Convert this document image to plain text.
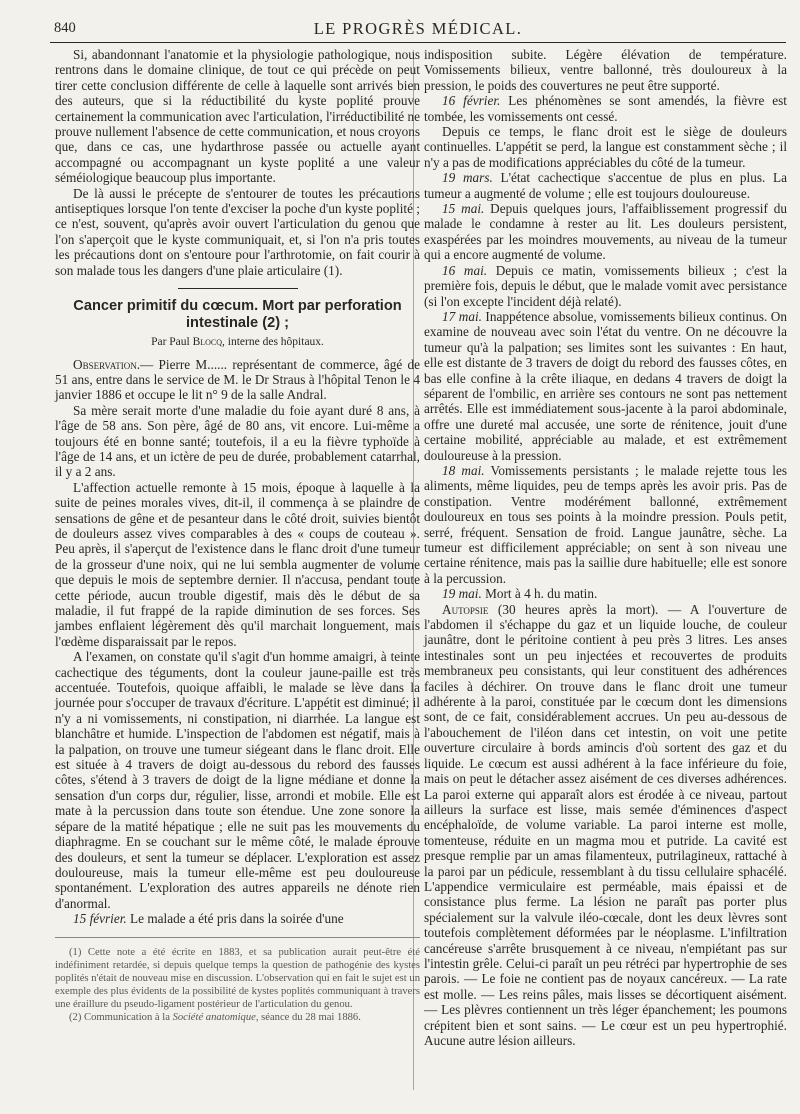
840	LE PROGRÈS MÉDICAL.

Si, abandonnant l'anatomie et la physiologie pathologique, nous rentrons dans le domaine clinique, de tout ce qui précède on peut tirer cette conclusion différente de celle à laquelle sont arrivés bien des auteurs, que si la réductibilité du kyste poplité prouve certainement la communication avec l'articulation, l'irréductibilité ne prouve nullement l'absence de cette communication, et nous croyons que, dans ce cas, une hydarthrose passée ou actuelle ayant accompagné ou accompagnant un kyste poplité a une valeur séméiologique beaucoup plus importante.

De là aussi le précepte de s'entourer de toutes les précautions antiseptiques lorsque l'on tente d'exciser la poche d'un kyste poplité ; ce n'est, souvent, qu'après avoir ouvert l'articulation du genou que l'on s'aperçoit que le kyste communiquait, et, si l'on n'a pris toutes les précautions dont on s'entoure pour l'arthrotomie, on fait courir à son malade tous les dangers d'une plaie articulaire (1).

Cancer primitif du cœcum. Mort par perforation intestinale (2) ;
Par Paul Blocq, interne des hôpitaux.

Observation.— Pierre M...... représentant de commerce, âgé de 51 ans, entre dans le service de M. le Dr Straus à l'hôpital Tenon le 4 janvier 1886 et occupe le lit n° 9 de la salle Andral.

Sa mère serait morte d'une maladie du foie ayant duré 8 ans, à l'âge de 58 ans. Son père, âgé de 80 ans, vit encore. Lui-même a toujours été en bonne santé; toutefois, il a eu la fièvre typhoïde à l'âge de 14 ans, et un ictère de peu de durée, probablement catarrhal, il y a 2 ans.

L'affection actuelle remonte à 15 mois, époque à laquelle à la suite de peines morales vives, dit-il, il commença à se plaindre de sensations de gêne et de pesanteur dans le côté droit, suivies bientôt de douleurs assez vives comparables à des « coups de couteau ». Peu après, il s'aperçut de l'existence dans le flanc droit d'une tumeur de la grosseur d'une noix, qui ne lui sembla augmenter de volume que depuis le mois de septembre dernier. Il n'accusa, pendant toute cette période, aucun trouble digestif, mais dès le début de sa maladie, il fut frappé de la rapide diminution de ses forces. Ses jambes enflaient légèrement dès qu'il marchait longuement, mais l'œdème disparaissait par le repos.

A l'examen, on constate qu'il s'agit d'un homme amaigri, à teinte cachectique des téguments, dont la couleur jaune-paille est très accentuée. Toutefois, quoique affaibli, le malade se lève dans la journée pour s'occuper de travaux d'écriture. L'appétit est diminué; il n'y a ni vomissements, ni constipation, ni diarrhée. La langue est blanchâtre et humide. L'inspection de l'abdomen est négatif, mais à la palpation, on trouve une tumeur siégeant dans le flanc droit. Elle est située à 4 travers de doigt au-dessous du rebord des fausses côtes, s'étend à 3 travers de doigt de la ligne médiane et donne la sensation d'un corps dur, régulier, lisse, arrondi et mobile. Elle est mate à la percussion dans toute son étendue. Une zone sonore la sépare de la matité hépatique ; elle ne suit pas les mouvements du diaphragme. En se couchant sur le même côté, le malade éprouve des douleurs, et sent la tumeur se déplacer. L'exploration est assez douloureuse, mais la tumeur elle-même est peu douloureuse spontanément. L'exploration des autres appareils ne dénote rien d'anormal.

15 février. Le malade a été pris dans la soirée d'une

(1) Cette note a été écrite en 1883, et sa publication aurait peut-être été indéfiniment retardée, si depuis quelque temps la question de pathogénie des kystes poplités n'était de nouveau mise en discussion. L'observation qui en fait le sujet est un exemple des plus évidents de la possibilité de kystes poplités communiquant à travers une éraillure du pseudo-ligament postérieur de l'articulation du genou.

(2) Communication à la Société anatomique, séance du 28 mai 1886.

indisposition subite. Légère élévation de température. Vomissements bilieux, ventre ballonné, très douloureux à la pression, le poids des couvertures ne peut être supporté.

16 février. Les phénomènes se sont amendés, la fièvre est tombée, les vomissements ont cessé.

Depuis ce temps, le flanc droit est le siège de douleurs continuelles. L'appétit se perd, la langue est constamment sèche ; il n'y a pas de modifications appréciables du côté de la tumeur.

19 mars. L'état cachectique s'accentue de plus en plus. La tumeur a augmenté de volume ; elle est toujours douloureuse.

15 mai. Depuis quelques jours, l'affaiblissement progressif du malade le condamne à rester au lit. Les douleurs persistent, exaspérées par les moindres mouvements, au niveau de la tumeur qui a encore augmenté de volume.

16 mai. Depuis ce matin, vomissements bilieux ; c'est la première fois, depuis le début, que le malade vomit avec persistance (si l'on excepte l'incident déjà relaté).

17 mai. Inappétence absolue, vomissements bilieux continus. On examine de nouveau avec soin l'état du ventre. On ne découvre la tumeur qu'à la palpation; ses limites sont les suivantes : En haut, elle est distante de 3 travers de doigt du rebord des fausses côtes, en bas elle confine à la crête iliaque, en dedans 4 travers de doigt la séparent de l'ombilic, en arrière ses contours ne sont pas nettement arrêtés. Elle est immédiatement sous-jacente à la paroi abdominale, offre une dureté mal accusée, une sorte de rénitence, jouit d'une certaine mobilité, appréciable au malade, et est extrêmement douloureuse à la pression.

18 mai. Vomissements persistants ; le malade rejette tous les aliments, même liquides, peu de temps après les avoir pris. Pas de constipation. Ventre modérément ballonné, extrêmement douloureux en tous ses points à la moindre pression. Pouls petit, serré, fréquent. Sensation de froid. Langue jaunâtre, sèche. La tumeur est difficilement appréciable; on sent à son niveau une certaine rénitence, mais pas la saillie dure habituelle; elle est sonore à la percussion.

19 mai. Mort à 4 h. du matin.

Autopsie (30 heures après la mort). — A l'ouverture de l'abdomen il s'échappe du gaz et un liquide louche, de couleur jaunâtre, dont le péritoine contient à peu près 3 litres. Les anses intestinales sont un peu injectées et recouvertes de produits membraneux peu consistants, qui leur constituent des adhérences faciles à déchirer. On trouve dans le flanc droit une tumeur adhérente à la paroi, constituée par le cœcum dont les dimensions sont, de ce fait, considérablement accrues. Un peu au-dessous de l'abouchement de l'iléon dans cet intestin, on voit une petite ouverture circulaire à bords amincis d'où sortent des gaz et du liquide. Le cœcum est aussi adhérent à la face inférieure du foie, mais on peut le détacher assez aisément de ces diverses adhérences. La paroi externe qui apparaît alors est érodée à ce niveau, partout ailleurs la surface est lisse, mais semée d'éminences d'aspect encéphaloïde, de volume variable. La paroi interne est molle, tomenteuse, réduite en un magma mou et putride. La cavité est presque remplie par un amas filamenteux, putrilagineux, rattaché à la paroi par un pédicule, ressemblant à du tissu cellulaire sphacélé. L'appendice vermiculaire est perméable, mais épaissi et de consistance plus ferme. La lésion ne paraît pas porter plus spécialement sur la valvule iléo-cœcale, dont les deux lèvres sont toutefois complètement déformées par le néoplasme. L'infiltration cancéreuse s'arrête brusquement à ce niveau, n'empiétant pas sur l'intestin grêle. Celui-ci paraît un peu rétréci par hypertrophie de ses parois. — Le foie ne contient pas de noyaux cancéreux. — La rate est molle. — Les reins pâles, mais lisses se décortiquent aisément. — Les plèvres contiennent un très léger épanchement; les poumons crépitent bien et sont sains. — Le cœur est un peu hypertrophié. Aucune autre lésion ailleurs.
